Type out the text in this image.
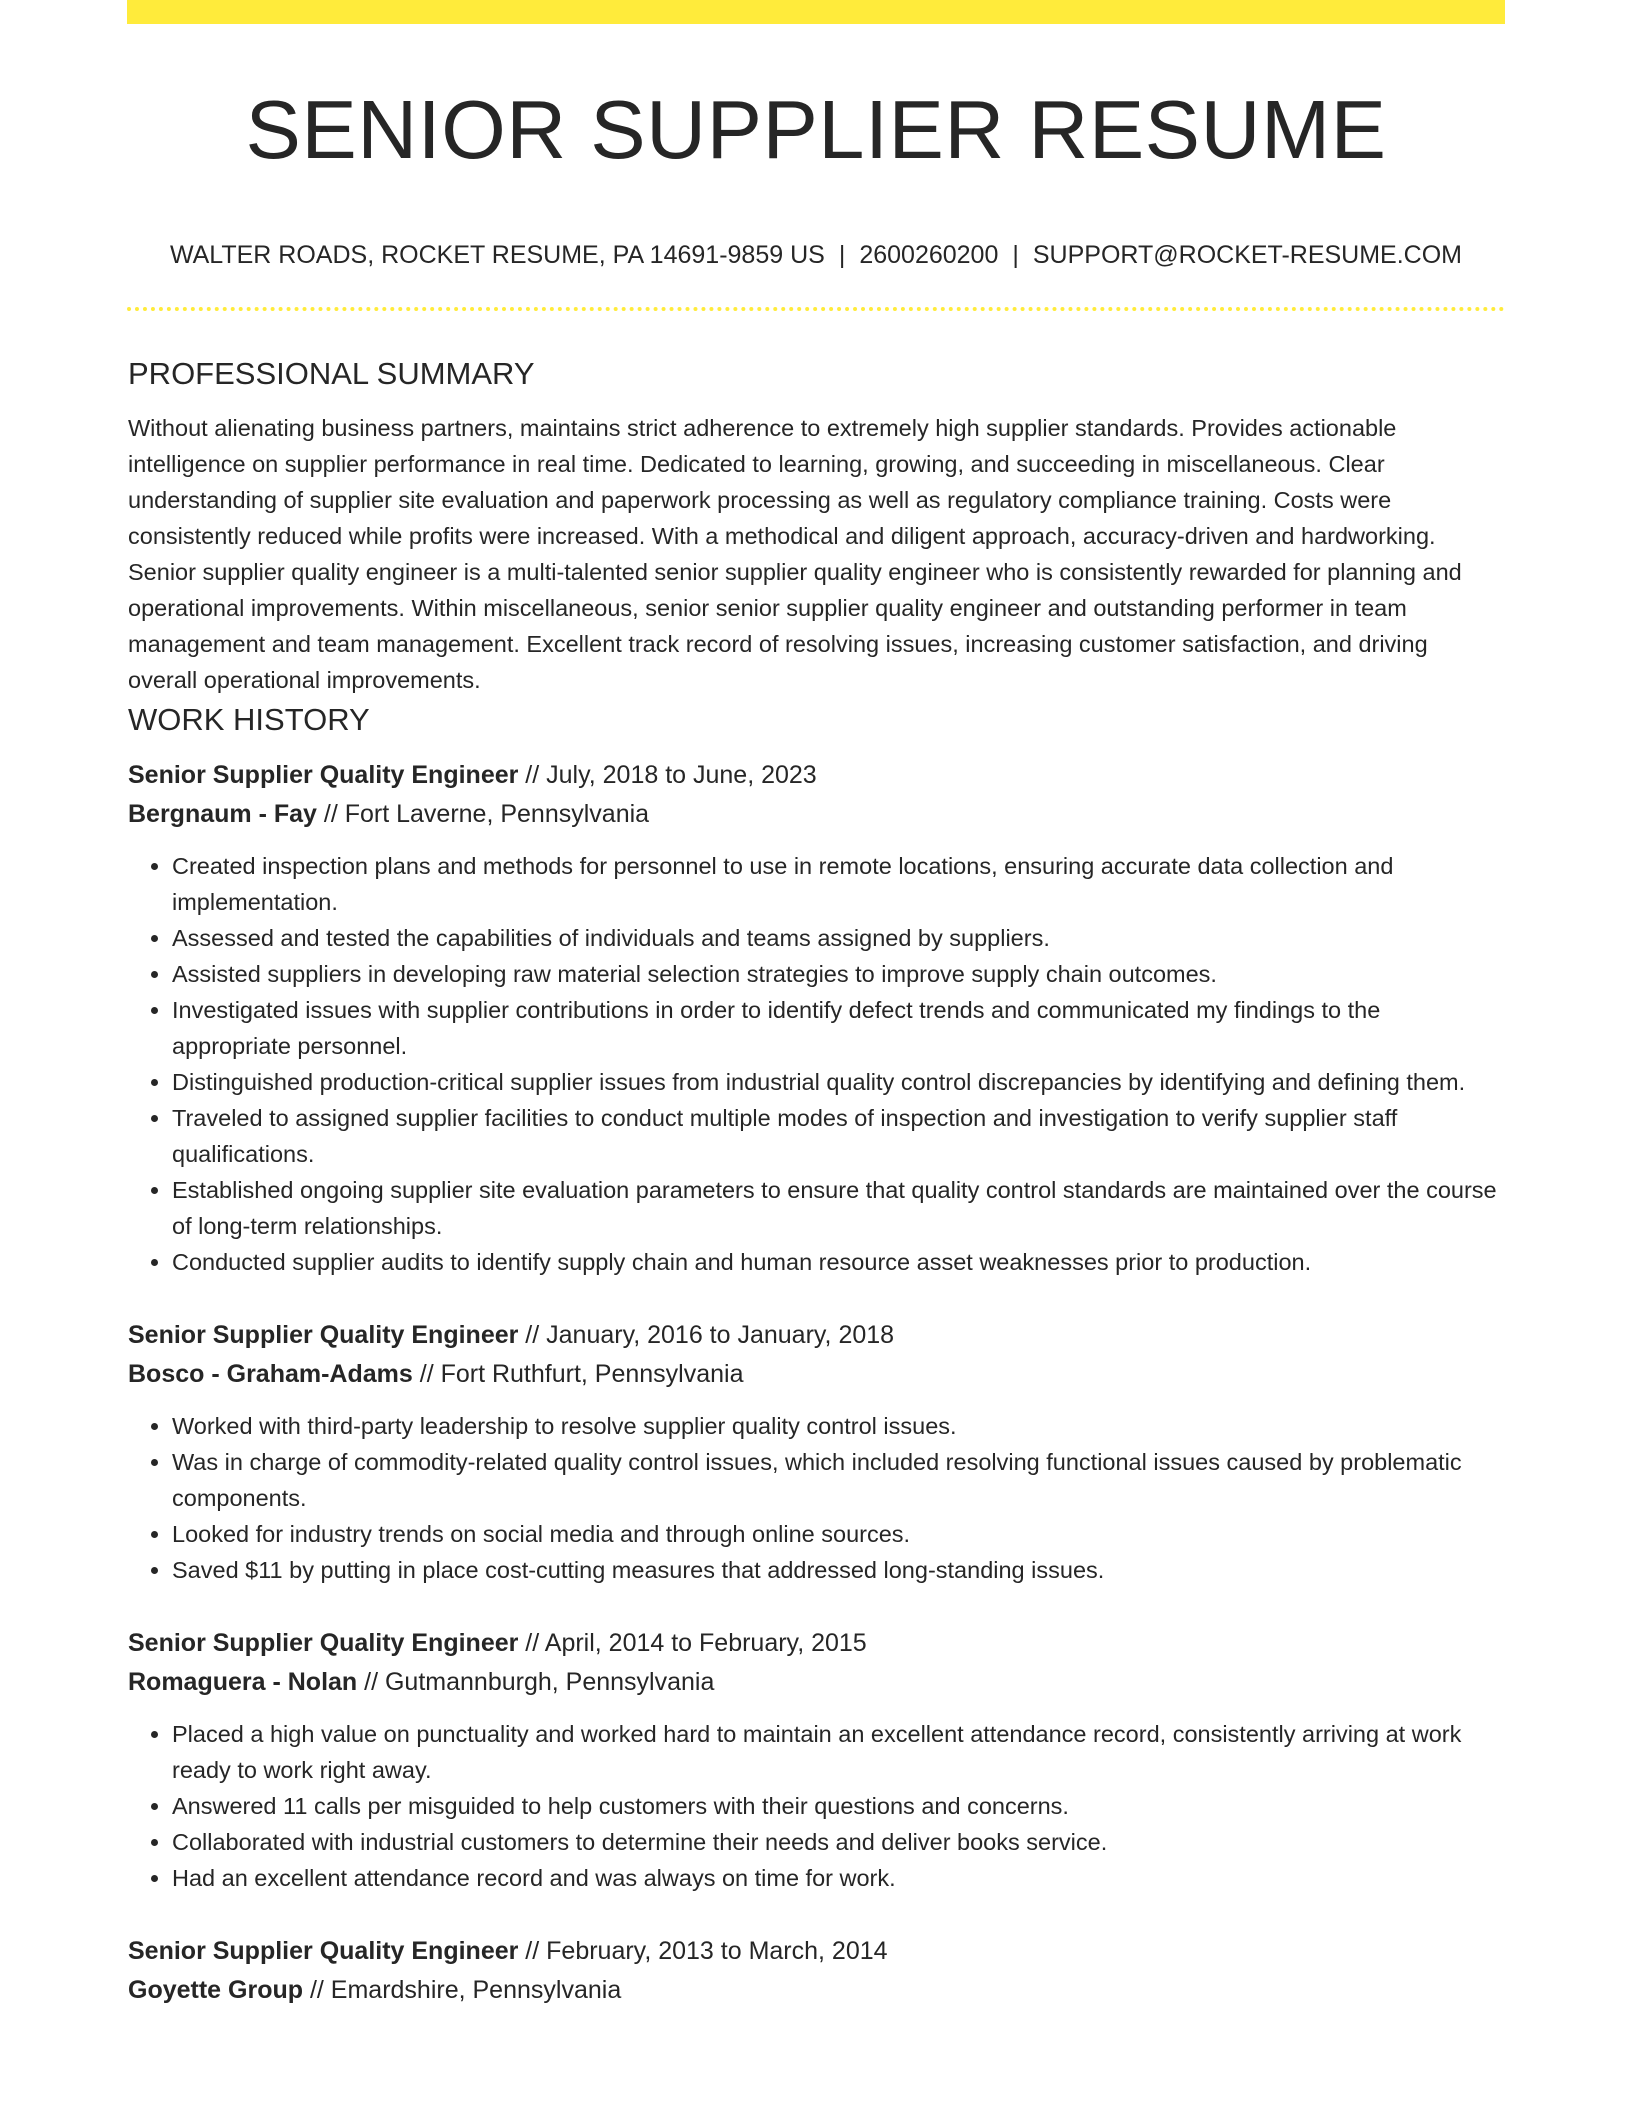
SENIOR SUPPLIER RESUME
WALTER ROADS, ROCKET RESUME, PA 14691-9859 US | 2600260200 | SUPPORT@ROCKET-RESUME.COM
PROFESSIONAL SUMMARY

Without alienating business partners, maintains strict adherence to extremely high supplier standards. Provides actionable intelligence on supplier performance in real time. Dedicated to learning, growing, and succeeding in miscellaneous. Clear understanding of supplier site evaluation and paperwork processing as well as regulatory compliance training. Costs were consistently reduced while profits were increased. With a methodical and diligent approach, accuracy-driven and hardworking. Senior supplier quality engineer is a multi-talented senior supplier quality engineer who is consistently rewarded for planning and operational improvements. Within miscellaneous, senior senior supplier quality engineer and outstanding performer in team management and team management. Excellent track record of resolving issues, increasing customer satisfaction, and driving overall operational improvements.

WORK HISTORY
Senior Supplier Quality Engineer // July, 2018 to June, 2023
Bergnaum - Fay // Fort Laverne, Pennsylvania
• Created inspection plans and methods for personnel to use in remote locations, ensuring accurate data collection and implementation.
• Assessed and tested the capabilities of individuals and teams assigned by suppliers.
• Assisted suppliers in developing raw material selection strategies to improve supply chain outcomes.
• Investigated issues with supplier contributions in order to identify defect trends and communicated my findings to the appropriate personnel.
• Distinguished production-critical supplier issues from industrial quality control discrepancies by identifying and defining them.
• Traveled to assigned supplier facilities to conduct multiple modes of inspection and investigation to verify supplier staff qualifications.
• Established ongoing supplier site evaluation parameters to ensure that quality control standards are maintained over the course of long-term relationships.
• Conducted supplier audits to identify supply chain and human resource asset weaknesses prior to production.
Senior Supplier Quality Engineer // January, 2016 to January, 2018
Bosco - Graham-Adams // Fort Ruthfurt, Pennsylvania
• Worked with third-party leadership to resolve supplier quality control issues.
• Was in charge of commodity-related quality control issues, which included resolving functional issues caused by problematic components.
• Looked for industry trends on social media and through online sources.
• Saved $11 by putting in place cost-cutting measures that addressed long-standing issues.
Senior Supplier Quality Engineer // April, 2014 to February, 2015
Romaguera - Nolan // Gutmannburgh, Pennsylvania
• Placed a high value on punctuality and worked hard to maintain an excellent attendance record, consistently arriving at work ready to work right away.
• Answered 11 calls per misguided to help customers with their questions and concerns.
• Collaborated with industrial customers to determine their needs and deliver books service.
• Had an excellent attendance record and was always on time for work.
Senior Supplier Quality Engineer // February, 2013 to March, 2014
Goyette Group // Emardshire, Pennsylvania
